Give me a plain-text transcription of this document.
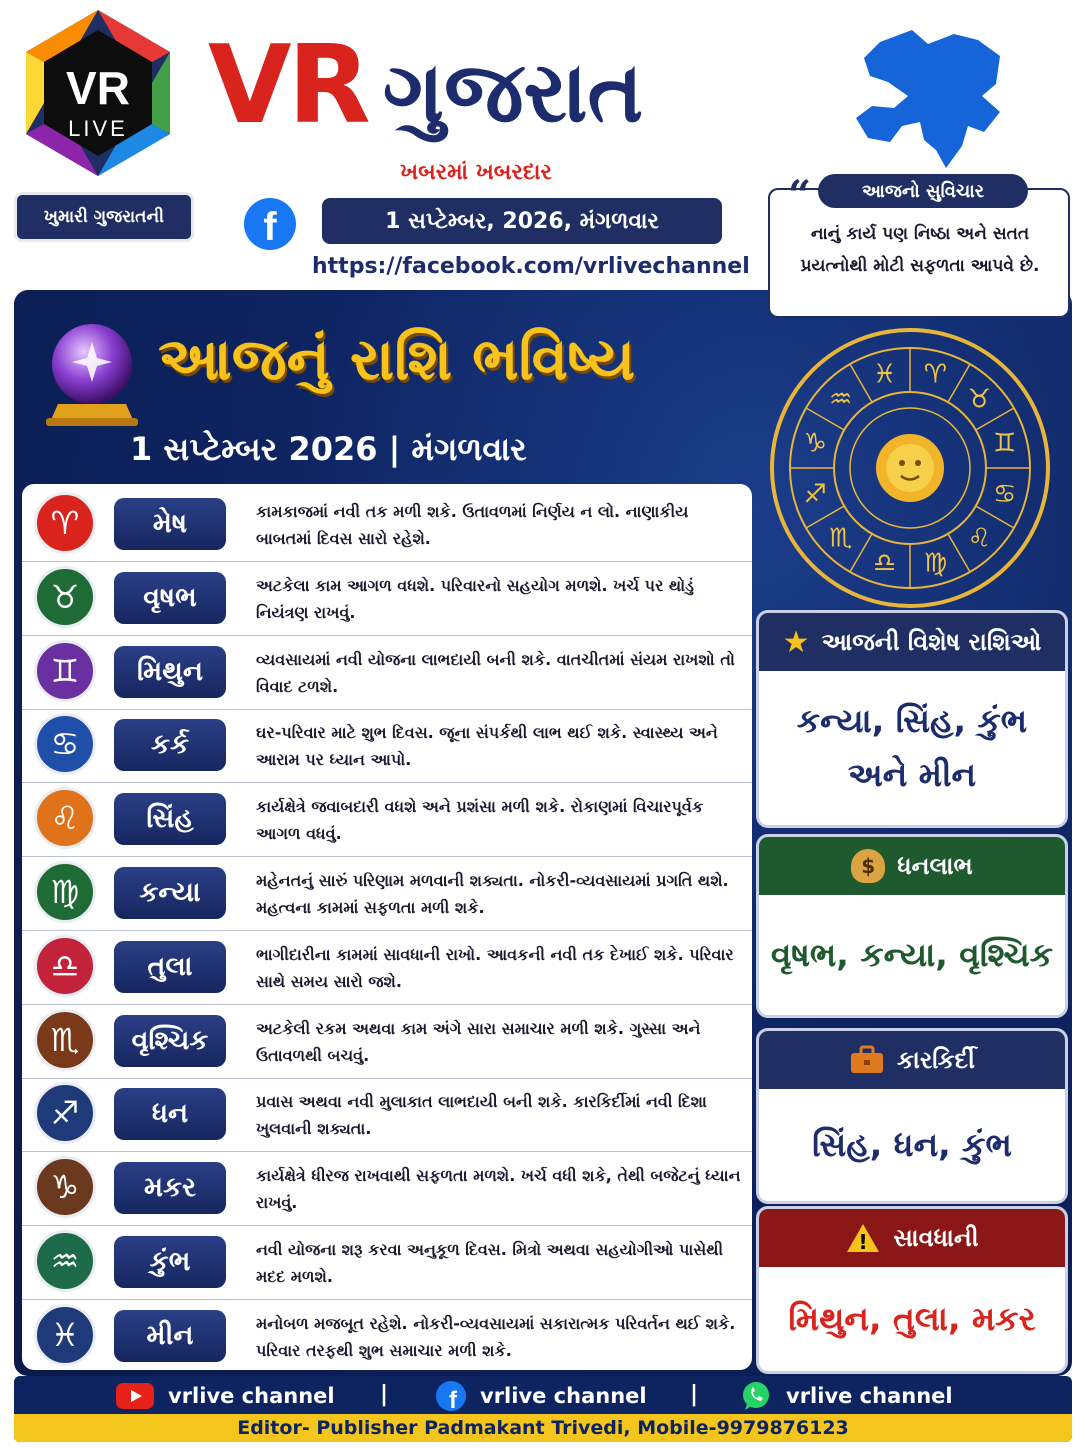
VR
LIVE
ખુમારી ગુજરાતની
VR ગુજરાત
ખબરમાં ખબરદાર
f	1 સપ્ટેમ્બર, 2026, મંગળવાર
https://facebook.com/vrlivechannel
“	આજનો સુવિચાર
નાનું કાર્ય પણ નિષ્ઠા અને સતત પ્રયત્નોથી મોટી સફળતા આપવે છે.
આજનું રાશિ ભવિષ્ય
1 સપ્ટેમ્બર 2026 | મંગળવાર
♈
♉
♊
♋
♌
♍
♎
♏
♐
♑
♒
♓
♈	મેષ	કામકાજમાં નવી તક મળી શકે. ઉતાવળમાં નિર્ણય ન લો. નાણાકીય બાબતમાં દિવસ સારો રહેશે.
♉	વૃષભ	અટકેલા કામ આગળ વધશે. પરિવારનો સહયોગ મળશે. ખર્ચ પર થોડું નિયંત્રણ રાખવું.
♊	મિથુન	વ્યવસાયમાં નવી યોજના લાભદાયી બની શકે. વાતચીતમાં સંયમ રાખશો તો વિવાદ ટળશે.
♋	કર્ક	ઘર-પરિવાર માટે શુભ દિવસ. જૂના સંપર્કથી લાભ થઈ શકે. સ્વાસ્થ્ય અને આરામ પર ધ્યાન આપો.
♌	સિંહ	કાર્યક્ષેત્રે જવાબદારી વધશે અને પ્રશંસા મળી શકે. રોકાણમાં વિચારપૂર્વક આગળ વધવું.
♍	કન્યા	મહેનતનું સારું પરિણામ મળવાની શક્યતા. નોકરી-વ્યવસાયમાં પ્રગતિ થશે. મહત્વના કામમાં સફળતા મળી શકે.
♎	તુલા	ભાગીદારીના કામમાં સાવધાની રાખો. આવકની નવી તક દેખાઈ શકે. પરિવાર સાથે સમય સારો જશે.
♏	વૃશ્ચિક	અટકેલી રકમ અથવા કામ અંગે સારા સમાચાર મળી શકે. ગુસ્સા અને ઉતાવળથી બચવું.
♐	ધન	પ્રવાસ અથવા નવી મુલાકાત લાભદાયી બની શકે. કારકિર્દીમાં નવી દિશા ખુલવાની શક્યતા.
♑	મકર	કાર્યક્ષેત્રે ધીરજ રાખવાથી સફળતા મળશે. ખર્ચ વધી શકે, તેથી બજેટનું ધ્યાન રાખવું.
♒	કુંભ	નવી યોજના શરૂ કરવા અનુકૂળ દિવસ. મિત્રો અથવા સહયોગીઓ પાસેથી મદદ મળશે.
♓	મીન	મનોબળ મજબૂત રહેશે. નોકરી-વ્યવસાયમાં સકારાત્મક પરિવર્તન થઈ શકે. પરિવાર તરફથી શુભ સમાચાર મળી શકે.
★ આજની વિશેષ રાશિઓ
કન્યા, સિંહ, કુંભ અને મીન
$ ધનલાભ
વૃષભ, કન્યા, વૃશ્ચિક
કારકિર્દી
સિંહ, ધન, કુંભ
! સાવધાની
મિથુન, તુલા, મકર
vrlive channel |	f vrlive channel |	vrlive channel
Editor- Publisher Padmakant Trivedi, Mobile-9979876123
